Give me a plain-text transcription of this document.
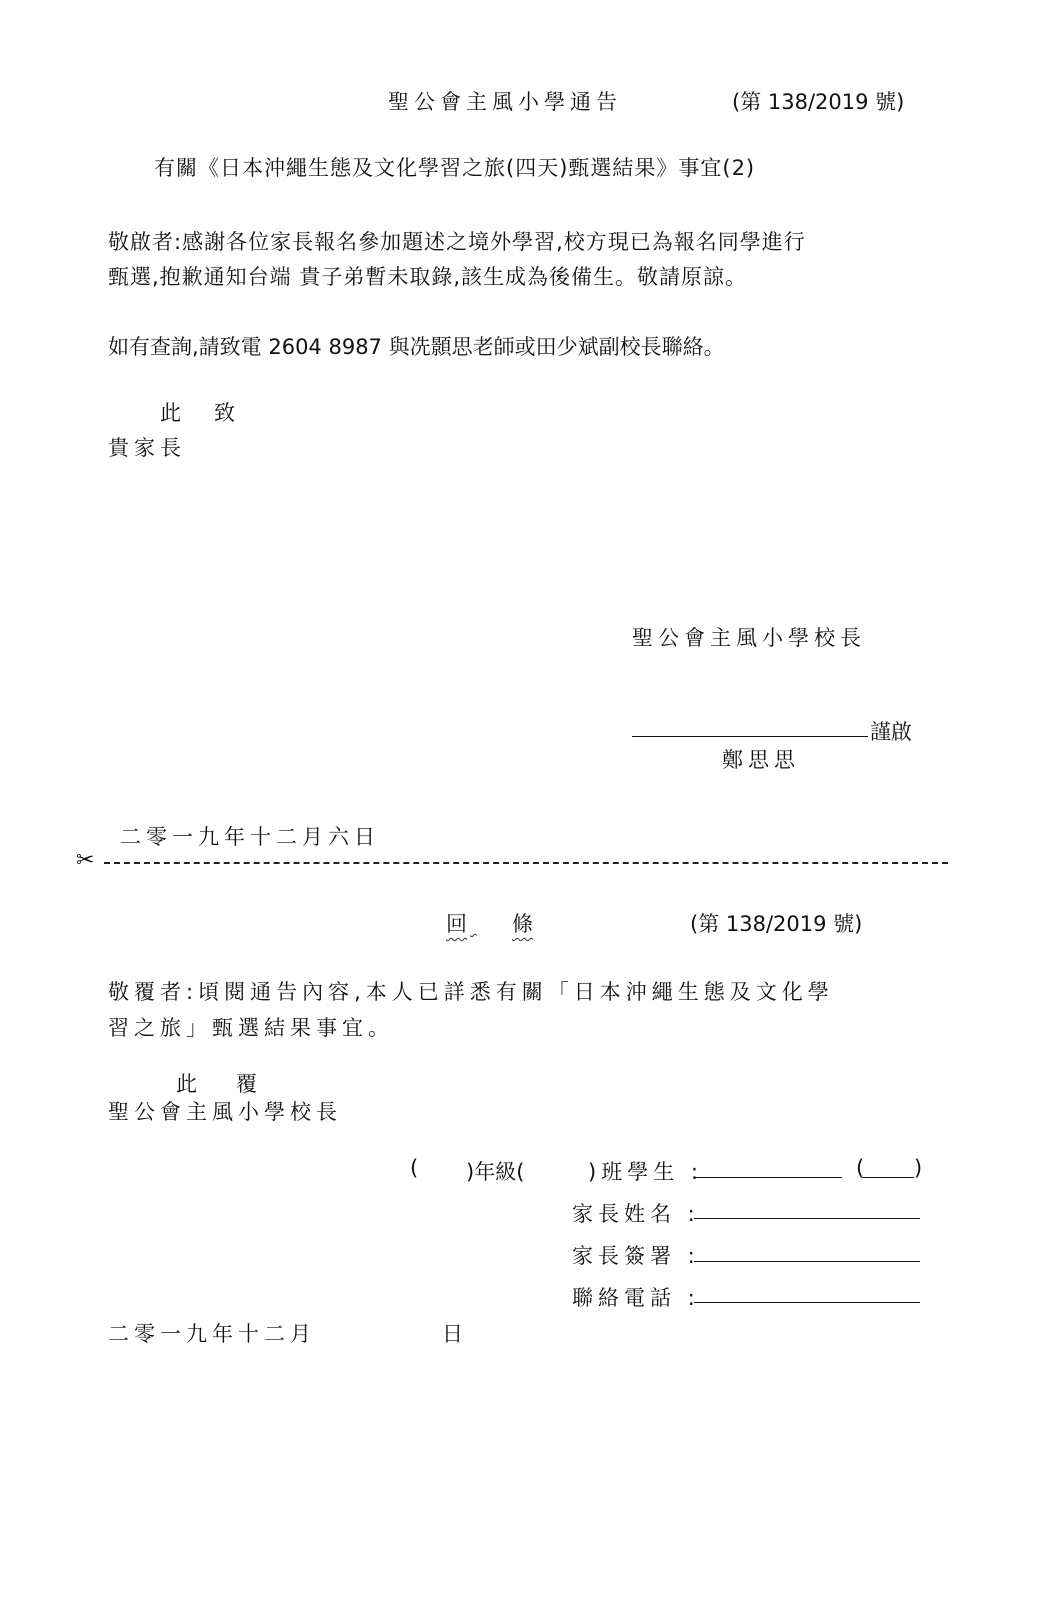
聖公會主風小學通告	(第 138/2019 號)
有關《日本沖繩生態及文化學習之旅(四天)甄選結果》事宜(2)
敬啟者:感謝各位家長報名參加題述之境外學習,校方現已為報名同學進行
甄選,抱歉通知台端 貴子弟暫未取錄,該生成為後備生。敬請原諒。
如有查詢,請致電 2604 8987 與冼顥思老師或田少斌副校長聯絡。
此 致
貴家長
聖公會主風小學校長
謹啟
鄭思思
二零一九年十二月六日
✂
回
條	(第 138/2019 號)
敬覆者:頃閱通告內容,本人已詳悉有關「日本沖繩生態及文化學
習之旅」甄選結果事宜。
此 覆
聖公會主風小學校長
( )年級(	)班學生 :	( )
家長姓名 :
家長簽署 :
聯絡電話 :
二零一九年十二月	日
